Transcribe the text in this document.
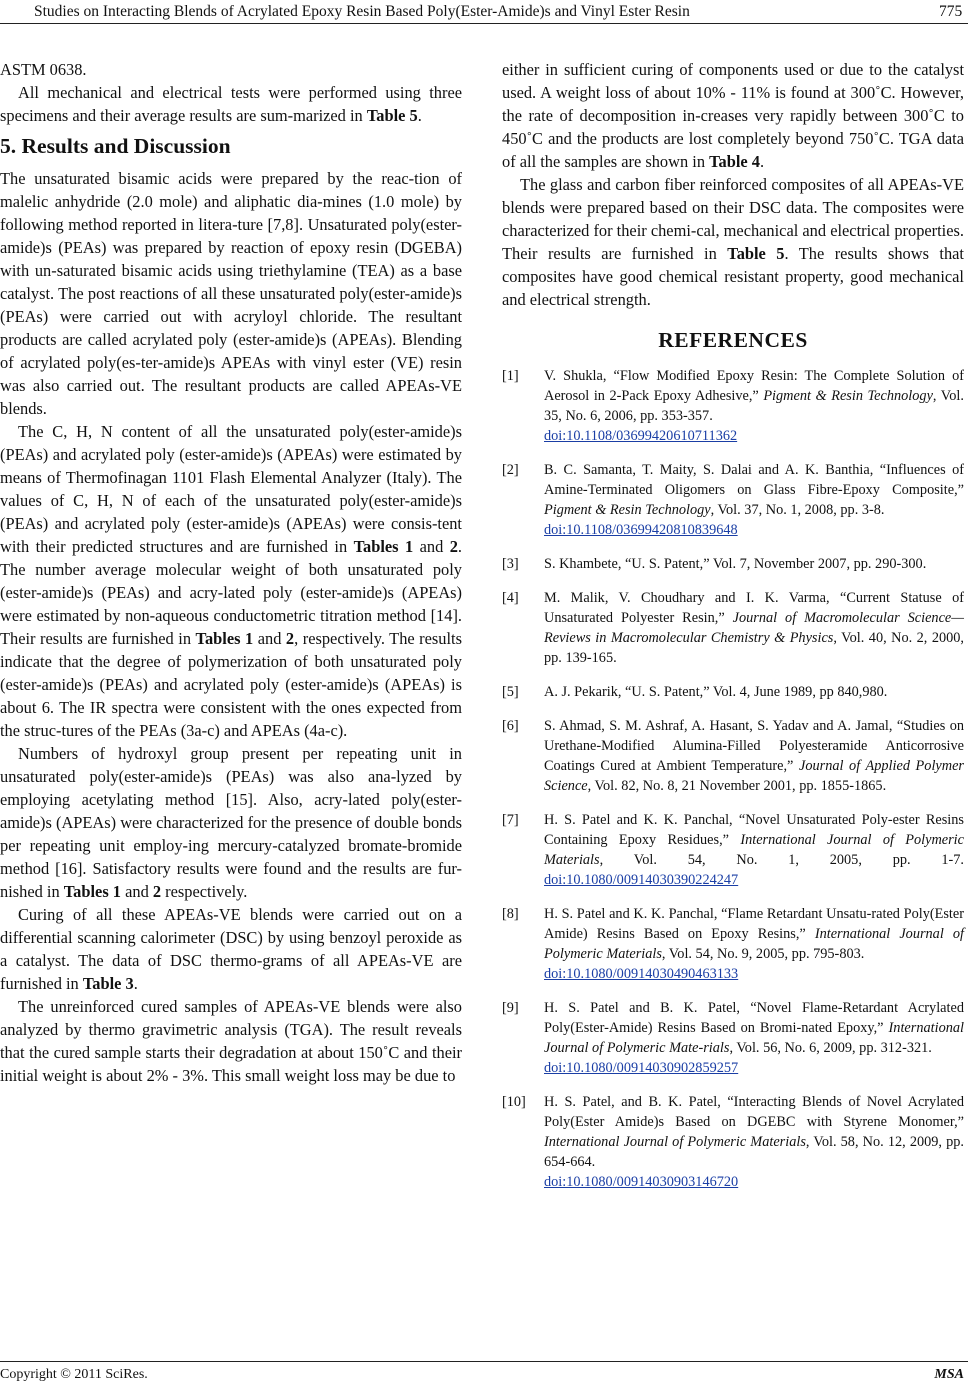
Studies on Interacting Blends of Acrylated Epoxy Resin Based Poly(Ester-Amide)s and Vinyl Ester Resin	775

ASTM 0638.

All mechanical and electrical tests were performed using three specimens and their average results are sum-marized in Table 5.

5. Results and Discussion

The unsaturated bisamic acids were prepared by the reac-tion of malelic anhydride (2.0 mole) and aliphatic dia-mines (1.0 mole) by following method reported in litera-ture [7,8]. Unsaturated poly(ester-amide)s (PEAs) was prepared by reaction of epoxy resin (DGEBA) with un-saturated bisamic acids using triethylamine (TEA) as a base catalyst. The post reactions of all these unsaturated poly(ester-amide)s (PEAs) were carried out with acryloyl chloride. The resultant products are called acrylated poly (ester-amide)s (APEAs). Blending of acrylated poly(es-ter-amide)s APEAs with vinyl ester (VE) resin was also carried out. The resultant products are called APEAs-VE blends.

The C, H, N content of all the unsaturated poly(ester-amide)s (PEAs) and acrylated poly (ester-amide)s (APEAs) were estimated by means of Thermofinagan 1101 Flash Elemental Analyzer (Italy). The values of C, H, N of each of the unsaturated poly(ester-amide)s (PEAs) and acrylated poly (ester-amide)s (APEAs) were consis-tent with their predicted structures and are furnished in Tables 1 and 2. The number average molecular weight of both unsaturated poly (ester-amide)s (PEAs) and acry-lated poly (ester-amide)s (APEAs) were estimated by non-aqueous conductometric titration method [14]. Their results are furnished in Tables 1 and 2, respectively. The results indicate that the degree of polymerization of both unsaturated poly (ester-amide)s (PEAs) and acrylated poly (ester-amide)s (APEAs) is about 6. The IR spectra were consistent with the ones expected from the struc-tures of the PEAs (3a-c) and APEAs (4a-c).

Numbers of hydroxyl group present per repeating unit in unsaturated poly(ester-amide)s (PEAs) was also ana-lyzed by employing acetylating method [15]. Also, acry-lated poly(ester-amide)s (APEAs) were characterized for the presence of double bonds per repeating unit employ-ing mercury-catalyzed bromate-bromide method [16]. Satisfactory results were found and the results are fur-nished in Tables 1 and 2 respectively.

Curing of all these APEAs-VE blends were carried out on a differential scanning calorimeter (DSC) by using benzoyl peroxide as a catalyst. The data of DSC thermo-grams of all APEAs-VE are furnished in Table 3.

The unreinforced cured samples of APEAs-VE blends were also analyzed by thermo gravimetric analysis (TGA). The result reveals that the cured sample starts their degradation at about 150˚C and their initial weight is about 2% - 3%. This small weight loss may be due to

either in sufficient curing of components used or due to the catalyst used. A weight loss of about 10% - 11% is found at 300˚C. However, the rate of decomposition in-creases very rapidly between 300˚C to 450˚C and the products are lost completely beyond 750˚C. TGA data of all the samples are shown in Table 4.

The glass and carbon fiber reinforced composites of all APEAs-VE blends were prepared based on their DSC data. The composites were characterized for their chemi-cal, mechanical and electrical properties. Their results are furnished in Table 5. The results shows that composites have good chemical resistant property, good mechanical and electrical strength.

REFERENCES
[1]	V. Shukla, “Flow Modified Epoxy Resin: The Complete Solution of Aerosol in 2-Pack Epoxy Adhesive,” Pigment & Resin Technology, Vol. 35, No. 6, 2006, pp. 353-357.
doi:10.1108/03699420610711362
[2]	B. C. Samanta, T. Maity, S. Dalai and A. K. Banthia, “Influences of Amine-Terminated Oligomers on Glass Fibre-Epoxy Composite,” Pigment & Resin Technology, Vol. 37, No. 1, 2008, pp. 3-8.
doi:10.1108/03699420810839648
[3]	S. Khambete, “U. S. Patent,” Vol. 7, November 2007, pp. 290-300.
[4]	M. Malik, V. Choudhary and I. K. Varma, “Current Statuse of Unsaturated Polyester Resin,” Journal of Macromolecular Science—Reviews in Macromolecular Chemistry & Physics, Vol. 40, No. 2, 2000, pp. 139-165.
[5]	A. J. Pekarik, “U. S. Patent,” Vol. 4, June 1989, pp 840,980.
[6]	S. Ahmad, S. M. Ashraf, A. Hasant, S. Yadav and A. Jamal, “Studies on Urethane-Modified Alumina-Filled Polyesteramide Anticorrosive Coatings Cured at Ambient Temperature,” Journal of Applied Polymer Science, Vol. 82, No. 8, 21 November 2001, pp. 1855-1865.
[7]	H. S. Patel and K. K. Panchal, “Novel Unsaturated Poly-ester Resins Containing Epoxy Residues,” International Journal of Polymeric Materials, Vol. 54, No. 1, 2005, pp. 1-7. doi:10.1080/00914030390224247
[8]	H. S. Patel and K. K. Panchal, “Flame Retardant Unsatu-rated Poly(Ester Amide) Resins Based on Epoxy Resins,” International Journal of Polymeric Materials, Vol. 54, No. 9, 2005, pp. 795-803.
doi:10.1080/00914030490463133
[9]	H. S. Patel and B. K. Patel, “Novel Flame-Retardant Acrylated Poly(Ester-Amide) Resins Based on Bromi-nated Epoxy,” International Journal of Polymeric Mate-rials, Vol. 56, No. 6, 2009, pp. 312-321.
doi:10.1080/00914030902859257
[10]	H. S. Patel, and B. K. Patel, “Interacting Blends of Novel Acrylated Poly(Ester Amide)s Based on DGEBC with Styrene Monomer,” International Journal of Polymeric Materials, Vol. 58, No. 12, 2009, pp. 654-664.
doi:10.1080/00914030903146720
Copyright © 2011 SciRes.	MSA
